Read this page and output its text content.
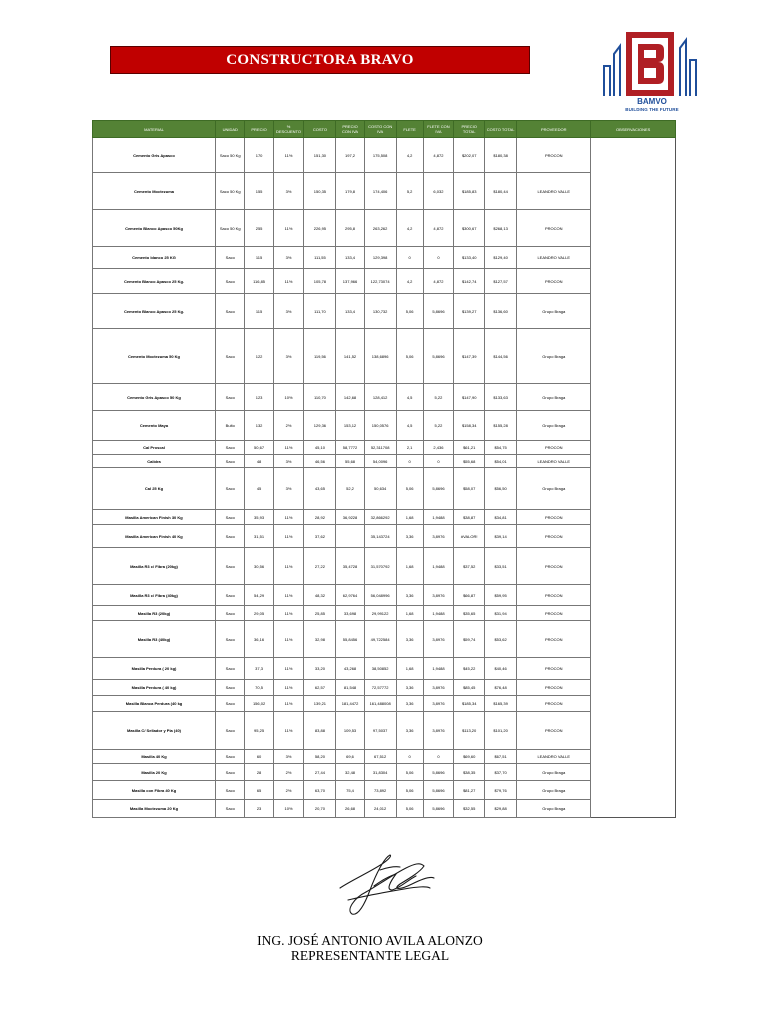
CONSTRUCTORA BRAVO
BAMVO
BUILDING THE FUTURE
MATERIAL	UNIDAD	PRECIO	% DESCUENTO	COSTO	PRECIO CON IVA	COSTO CON IVA	FLETE	FLETE CON IVA	PRECIO TOTAL	COSTO TOTAL	PROVEEDOR	OBSERVACIONES
Cemento Gris Apasco	Saco 50 Kg	170	11%	151,30	197,2	175,508	4,2	4,872	$202,07	$180,38	PROCON	
Cemento Moctezuma	Saco 50 Kg	155	3%	150,35	179,8	174,406	5,2	6,032	$185,83	$180,44	LEANDRO VALLE	
Cemento Blanco Apasco 50Kg	Saco 50 Kg	255	11%	226,95	295,8	263,262	4,2	4,872	$300,67	$268,13	PROCON	
Cemento blanco 25 KG	Saco	115	3%	111,55	133,4	129,398	0	0	$133,40	$129,40	LEANDRO VALLE	
Cemento Blanco Apasco 25 Kg.	Saco	116,85	11%	105,78	137,966	122,73074	4,2	4,872	$142,74	$127,57	PROCON	
Cemento Blanco Apasco 25 Kg.	Saco	115	3%	111,70	133,4	130,732	5,06	5,8696	$139,27	$136,60	Grupo Braga	
Cemento Moctezuma 50 Kg	Saco	122	3%	119,56	141,52	138,6896	5,06	5,8696	$147,39	$144,56	Grupo Braga	
Cemento Gris Apasco 50 Kg	Saco	123	10%	110,70	142,68	128,412	4,5	5,22	$147,90	$133,63	Grupo Braga	
Cemento Maya	Bulto	132	2%	129,36	153,12	150,0576	4,5	5,22	$158,34	$155,28	Grupo Braga	
Cal Proscal	Saco	50,67	11%	45,10	58,7772	52,311708	2,1	2,436	$61,21	$54,75	PROCON	
Calidra	Saco	48	3%	46,56	55,68	54,0096	0	0	$55,68	$54,01	LEANDRO VALLE	
Cal 25 Kg	Saco	45	3%	43,65	52,2	50,634	5,06	5,8696	$58,07	$56,50	Grupo Braga	
Masilla American Finish 30 Kg	Saco	35,93	11%	28,92	36,9228	32,866292	1,68	1,9488	$38,87	$34,81	PROCON	
Masilla American Finish 40 Kg	Saco	31,51	11%	37,62		35,143724	3,36	3,8976	#VALOR!	$39,14	PROCON	
Masilla R3 c/ Fibra (20kg)	Saco	30,56	11%	27,22	35,4728	31,570792	1,68	1,9488	$37,52	$33,51	PROCON	
Masilla R3 c/ Fibra (40kg)	Saco	54,29	11%	48,32	62,9764	56,048996	3,36	3,8976	$66,87	$59,95	PROCON	
Masilla R3 (20kg)	Saco	29,05	11%	25,85	33,698	29,99122	1,68	1,9488	$35,65	$31,94	PROCON	
Masilla R3 (40kg)	Saco	36,16	11%	32,98	55,8456	49,722584	3,36	3,8976	$59,74	$53,62	PROCON	
Masilla Perdura ( 20 kg)	Saco	37,3	11%	33,20	43,268	38,50852	1,68	1,9488	$45,22	$40,46	PROCON	
Masilla Perdura ( 40 kg)	Saco	70,5	11%	62,57	81,548	72,57772	3,36	3,8976	$85,45	$76,48	PROCON	
Masilla Blanca Perdura (40 kg	Saco	156,02	11%	139,21	181,4472	161,488008	3,36	3,8976	$185,34	$165,39	PROCON	
Masilla C/ Sellador y Pla (40)	Saco	95,25	11%	83,88	109,53	97,5037	3,36	3,8976	$113,20	$101,20	PROCON	
Masilla 40 Kg	Saco	60	3%	58,20	69,6	67,512	0	0	$69,60	$67,51	LEANDRO VALLE	
Masilla 20 Kg	Saco	28	2%	27,44	32,48	31,8304	5,06	5,8696	$38,35	$37,70	Grupo Braga	
Masilla con Fibra 40 Kg	Saco	65	2%	63,70	75,4	73,892	5,06	5,8696	$81,27	$79,76	Grupo Braga	
Masilla Moctezuma 20 Kg	Saco	23	10%	20,70	26,68	24,012	5,06	5,8696	$32,55	$29,88	Grupo Braga	
ING. JOSÉ ANTONIO AVILA ALONZO
REPRESENTANTE LEGAL
